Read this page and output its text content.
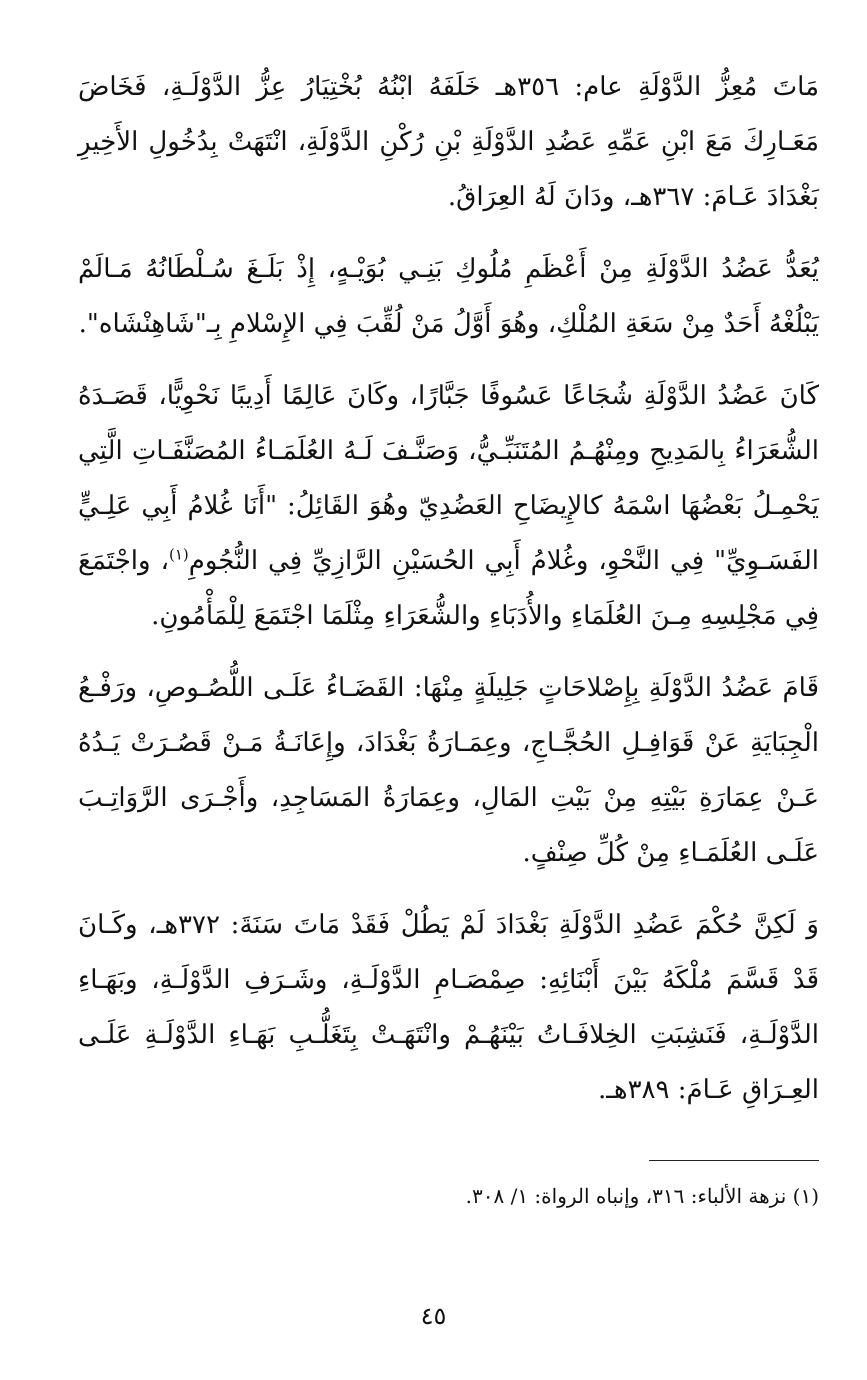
مَاتَ مُعِزُّ الدَّوْلَةِ عام: ٣٥٦هـ خَلَفَهُ ابْنُهُ بُخْتِيَارُ عِزُّ الدَّوْلَـةِ، فَخَاضَ مَعَـارِكَ مَعَ ابْنِ عَمِّهِ عَضُدِ الدَّوْلَةِ بْنِ رُكْنِ الدَّوْلَةِ، انْتَهَتْ بِدُخُولِ الأَخِيرِ بَغْدَادَ عَـامَ: ٣٦٧هـ، ودَانَ لَهُ العِرَاقُ.

يُعَدُّ عَضُدُ الدَّوْلَةِ مِنْ أَعْظَمِ مُلُوكِ بَنِـي بُوَيْـهٍ، إِذْ بَلَـغَ سُـلْطَانُهُ مَـالَمْ يَبْلُغْهُ أَحَدٌ مِنْ سَعَةِ المُلْكِ، وهُوَ أَوَّلُ مَنْ لُقِّبَ فِي الإِسْلامِ بِـ"شَاهِنْشَاه".

كَانَ عَضُدُ الدَّوْلَةِ شُجَاعًا عَسُوفًا جَبَّارًا، وكَانَ عَالِمًا أَدِيبًا نَحْوِيًّا، قَصَـدَهُ الشُّعَرَاءُ بِالمَدِيحِ ومِنْهُـمُ المُتَنَبِّـيُّ، وَصَنَّـفَ لَـهُ العُلَمَـاءُ المُصَنَّفَـاتِ الَّتِي يَحْمِـلُ بَعْضُهَا اسْمَهُ كالإِيضَاحِ العَضُدِيّ وهُوَ القَائِلُ: "أَنَا غُلامُ أَبِي عَلِـيٍّ الفَسَـوِيِّ" فِي النَّحْوِ، وغُلامُ أَبِي الحُسَيْنِ الرَّازِيِّ فِي النُّجُومِ$^{(١)}$، واجْتَمَعَ فِي مَجْلِسِهِ مِـنَ العُلَمَاءِ والأُدَبَاءِ والشُّعَرَاءِ مِثْلَمَا اجْتَمَعَ لِلْمَأْمُونِ.

قَامَ عَضُدُ الدَّوْلَةِ بِإِصْلاحَاتٍ جَلِيلَةٍ مِنْهَا: القَضَـاءُ عَلَـى اللُّصُـوصِ، ورَفْـعُ الْجِبَايَةِ عَنْ قَوَافِـلِ الحُجَّـاجِ، وعِمَـارَةُ بَغْدَادَ، وإِعَانَـةُ مَـنْ قَصُـرَتْ يَـدُهُ عَـنْ عِمَارَةِ بَيْتِهِ مِنْ بَيْتِ المَالِ، وعِمَارَةُ المَسَاجِدِ، وأَجْـرَى الرَّوَاتِـبَ عَلَـى العُلَمَـاءِ مِنْ كُلِّ صِنْفٍ.

وَ لَكِنَّ حُكْمَ عَضُدِ الدَّوْلَةِ بَغْدَادَ لَمْ يَطُلْ فَقَدْ مَاتَ سَنَةَ: ٣٧٢هـ، وكَـانَ قَدْ قَسَّمَ مُلْكَهُ بَيْنَ أَبْنَائِهِ: صِمْصَـامِ الدَّوْلَـةِ، وشَـرَفِ الدَّوْلَـةِ، وبَهَـاءِ الدَّوْلَـةِ، فَنَشِبَتِ الخِلافَـاتُ بَيْنَهُـمْ وانْتَهَـتْ بِتَغَلُّـبِ بَهَـاءِ الدَّوْلَـةِ عَلَـى العِـرَاقِ عَـامَ: ٣٨٩هـ.

(١) نزهة الألباء: ٣١٦، وإنباه الرواة: ١/ ٣٠٨.
٤٥
